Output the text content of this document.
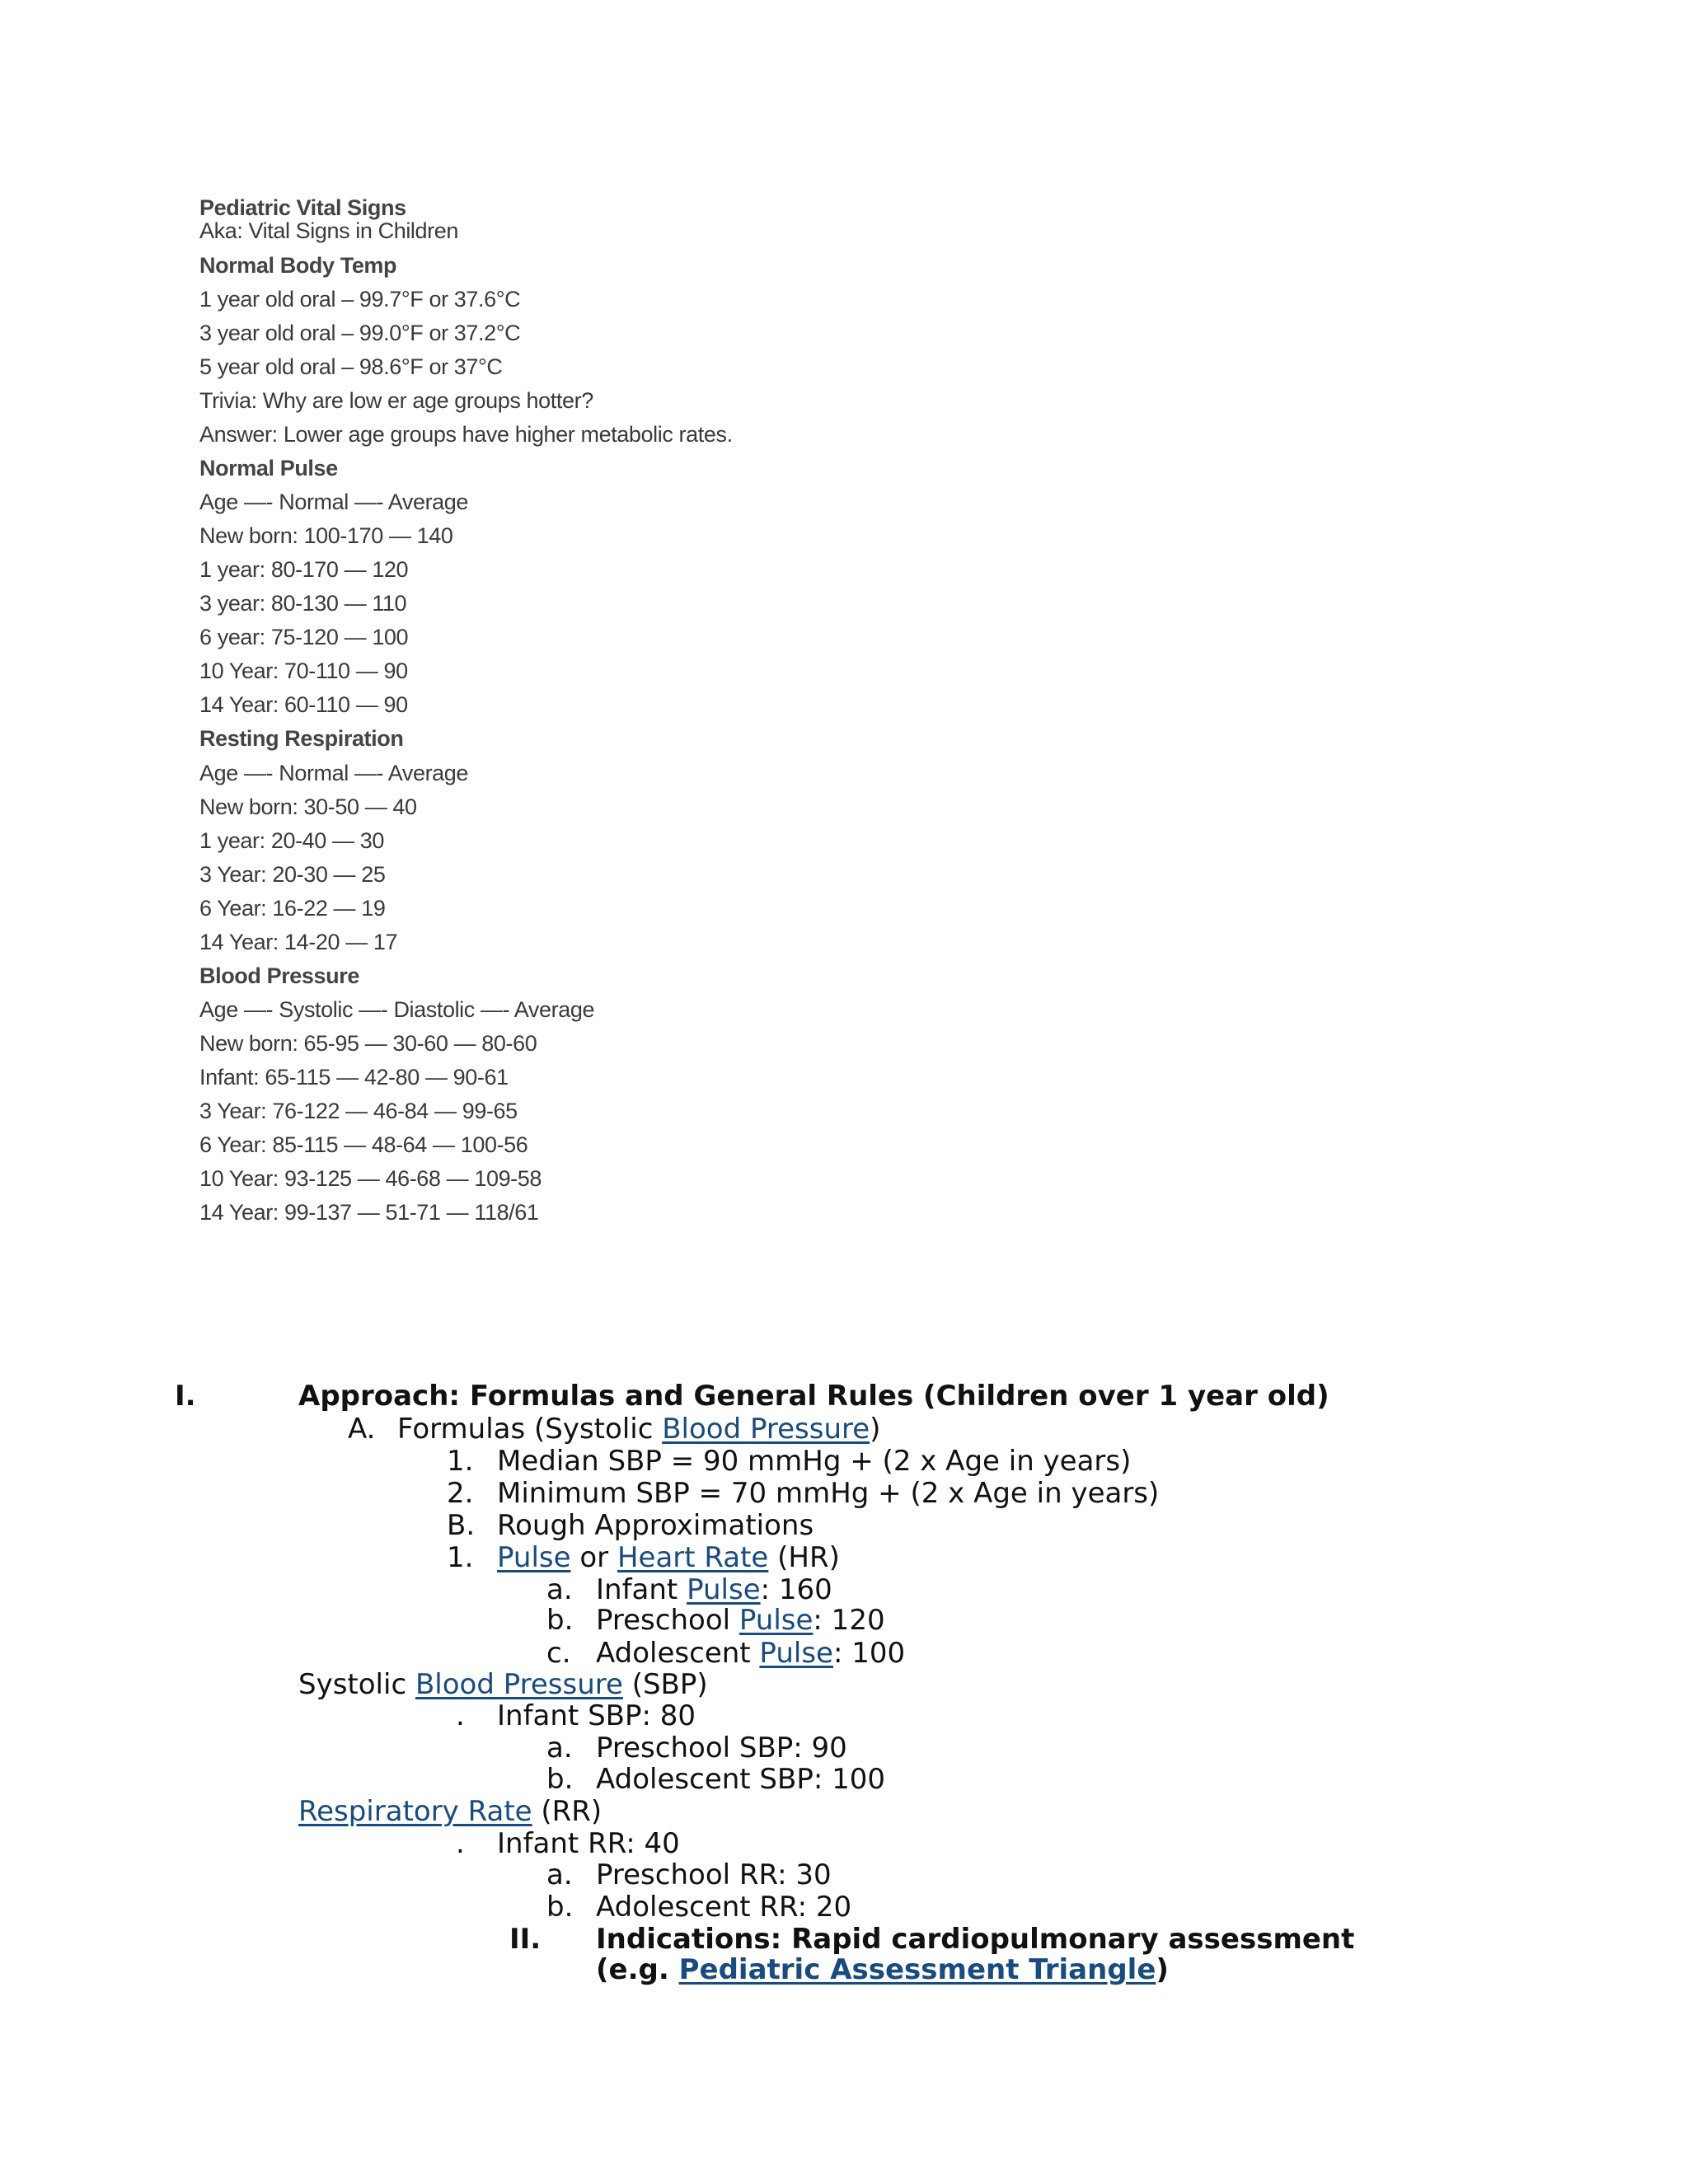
Pediatric Vital Signs
Aka: Vital Signs in Children
Normal Body Temp
1 year old oral – 99.7°F or 37.6°C
3 year old oral – 99.0°F or 37.2°C
5 year old oral – 98.6°F or 37°C
Trivia: Why are low er age groups hotter?
Answer: Lower age groups have higher metabolic rates.
Normal Pulse
Age —- Normal —- Average
New born: 100-170 — 140
1 year: 80-170 — 120
3 year: 80-130 — 110
6 year: 75-120 — 100
10 Year: 70-110 — 90
14 Year: 60-110 — 90
Resting Respiration
Age —- Normal —- Average
New born: 30-50 — 40
1 year: 20-40 — 30
3 Year: 20-30 — 25
6 Year: 16-22 — 19
14 Year: 14-20 — 17
Blood Pressure
Age —- Systolic —- Diastolic —- Average
New born: 65-95 — 30-60 — 80-60
Infant: 65-115 — 42-80 — 90-61
3 Year: 76-122 — 46-84 — 99-65
6 Year: 85-115 — 48-64 — 100-56
10 Year: 93-125 — 46-68 — 109-58
14 Year: 99-137 — 51-71 — 118/61
I.	Approach: Formulas and General Rules (Children over 1 year old)
A. Formulas (Systolic Blood Pressure)
1. Median SBP = 90 mmHg + (2 x Age in years)
2. Minimum SBP = 70 mmHg + (2 x Age in years)
B. Rough Approximations
1. Pulse or Heart Rate (HR)
a. Infant Pulse: 160
b. Preschool Pulse: 120
c. Adolescent Pulse: 100
Systolic Blood Pressure (SBP)
. Infant SBP: 80
a. Preschool SBP: 90
b. Adolescent SBP: 100
Respiratory Rate (RR)
. Infant RR: 40
a. Preschool RR: 30
b. Adolescent RR: 20
II. Indications: Rapid cardiopulmonary assessment
(e.g. Pediatric Assessment Triangle)
